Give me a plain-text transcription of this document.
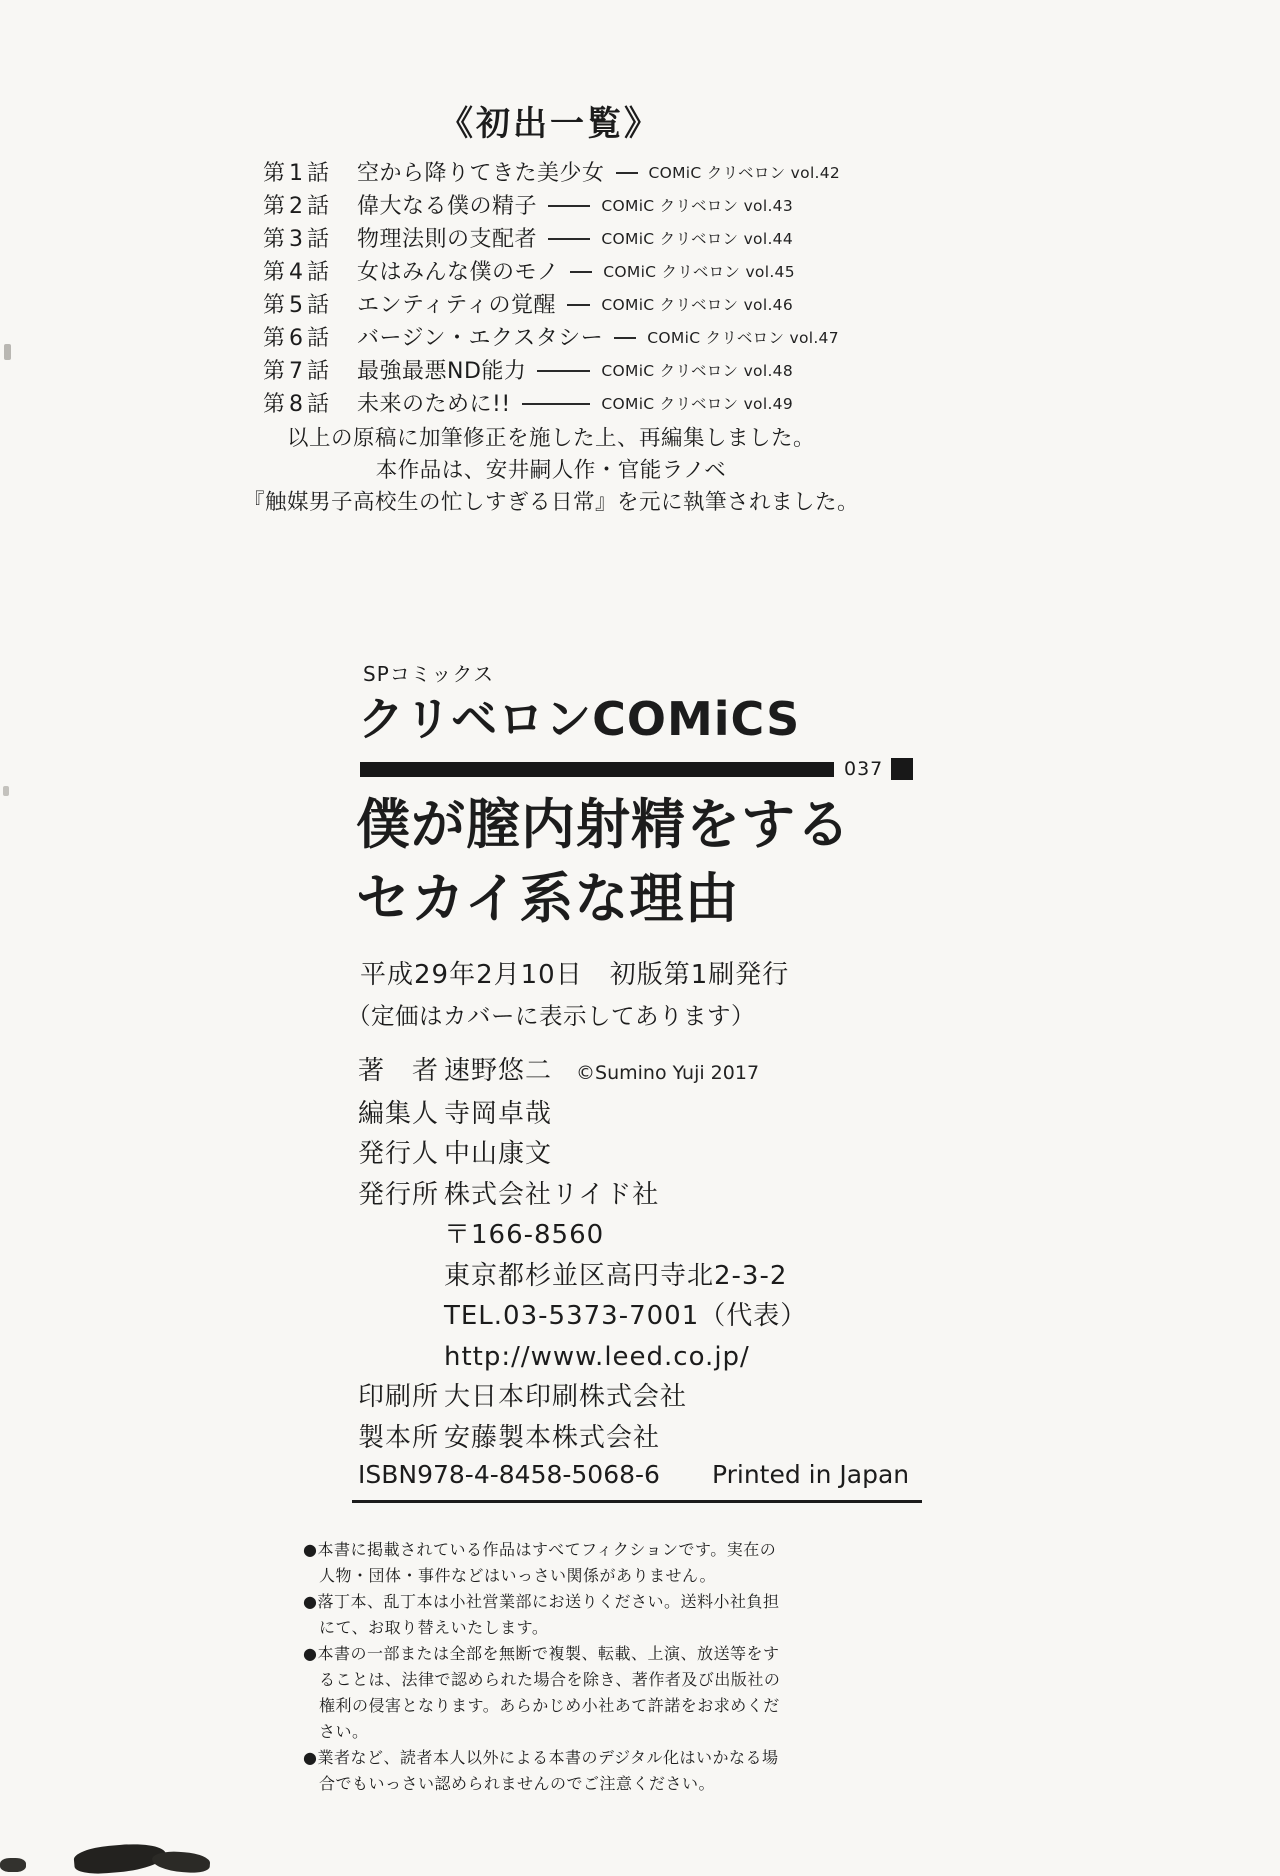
《初出一覧》
第1話	空から降りてきた美少女	COMiC クリベロン vol.42
第2話	偉大なる僕の精子	COMiC クリベロン vol.43
第3話	物理法則の支配者	COMiC クリベロン vol.44
第4話	女はみんな僕のモノ	COMiC クリベロン vol.45
第5話	エンティティの覚醒	COMiC クリベロン vol.46
第6話	バージン・エクスタシー	COMiC クリベロン vol.47
第7話	最強最悪ND能力	COMiC クリベロン vol.48
第8話	未来のために!!	COMiC クリベロン vol.49
以上の原稿に加筆修正を施した上、再編集しました。
本作品は、安井嗣人作・官能ラノベ
『触媒男子高校生の忙しすぎる日常』を元に執筆されました。
SPコミックス
クリベロンCOMiCS
037
僕が膣内射精をする
セカイ系な理由
平成29年2月10日　初版第1刷発行
（定価はカバーに表示してあります）
著　者 速野悠二 ©Sumino Yuji 2017
編集人 寺岡卓哉
発行人 中山康文
発行所 株式会社リイド社
〒166-8560
東京都杉並区高円寺北2-3-2
TEL.03-5373-7001（代表）
http://www.leed.co.jp/
印刷所 大日本印刷株式会社
製本所 安藤製本株式会社
ISBN978-4-8458-5068-6 Printed in Japan
●本書に掲載されている作品はすべてフィクションです。実在の人物・団体・事件などはいっさい関係がありません。
●落丁本、乱丁本は小社営業部にお送りください。送料小社負担にて、お取り替えいたします。
●本書の一部または全部を無断で複製、転載、上演、放送等をすることは、法律で認められた場合を除き、著作者及び出版社の権利の侵害となります。あらかじめ小社あて許諾をお求めください。
●業者など、読者本人以外による本書のデジタル化はいかなる場合でもいっさい認められませんのでご注意ください。
